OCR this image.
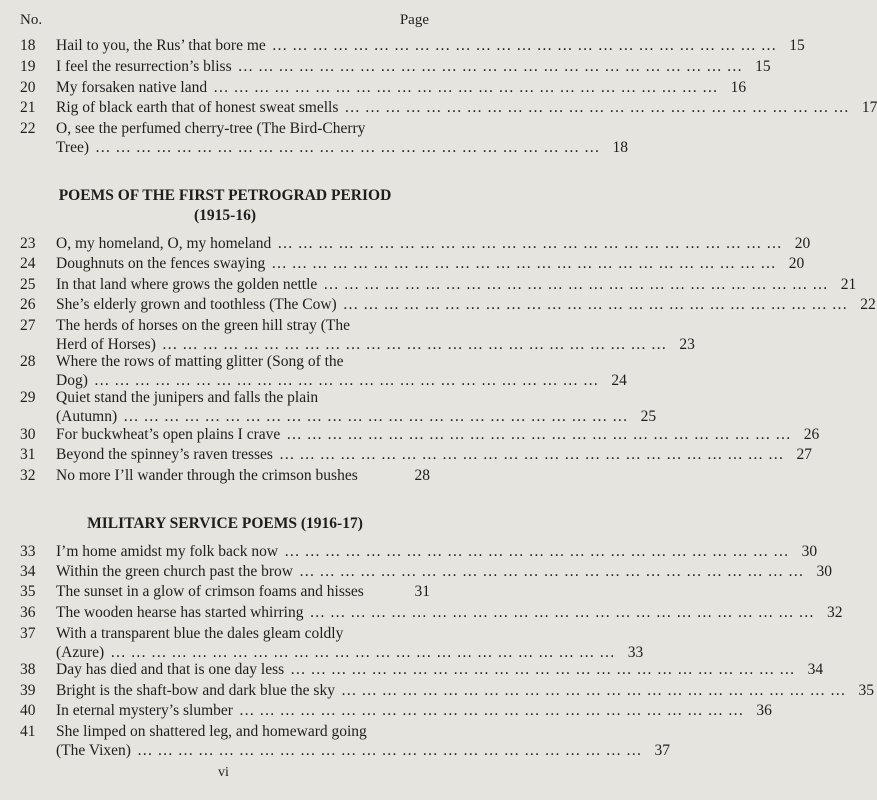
No.	Page
18	Hail to you, the Rus’ that bore me … … … … … … … … … … … … … … … … … … … … … … … … …	15
19	I feel the resurrection’s bliss … … … … … … … … … … … … … … … … … … … … … … … … …	15
20	My forsaken native land … … … … … … … … … … … … … … … … … … … … … … … … …	16
21	Rig of black earth that of honest sweat smells … … … … … … … … … … … … … … … … … … … … … … … … …	17
22	O, see the perfumed cherry-tree (The Bird-Cherry
Tree) … … … … … … … … … … … … … … … … … … … … … … … … …	18
POEMS OF THE FIRST PETROGRAD PERIOD
(1915-16)
23	O, my homeland, O, my homeland … … … … … … … … … … … … … … … … … … … … … … … … …	20
24	Doughnuts on the fences swaying … … … … … … … … … … … … … … … … … … … … … … … … …	20
25	In that land where grows the golden nettle … … … … … … … … … … … … … … … … … … … … … … … … …	21
26	She’s elderly grown and toothless (The Cow) … … … … … … … … … … … … … … … … … … … … … … … … …	22
27	The herds of horses on the green hill stray (The
Herd of Horses) … … … … … … … … … … … … … … … … … … … … … … … … …	23
28	Where the rows of matting glitter (Song of the
Dog) … … … … … … … … … … … … … … … … … … … … … … … … …	24
29	Quiet stand the junipers and falls the plain
(Autumn) … … … … … … … … … … … … … … … … … … … … … … … … …	25
30	For buckwheat’s open plains I crave … … … … … … … … … … … … … … … … … … … … … … … … …	26
31	Beyond the spinney’s raven tresses … … … … … … … … … … … … … … … … … … … … … … … … …	27
32	No more I’ll wander through the crimson bushes	28
MILITARY SERVICE POEMS (1916-17)
33	I’m home amidst my folk back now … … … … … … … … … … … … … … … … … … … … … … … … …	30
34	Within the green church past the brow … … … … … … … … … … … … … … … … … … … … … … … … …	30
35	The sunset in a glow of crimson foams and hisses	31
36	The wooden hearse has started whirring … … … … … … … … … … … … … … … … … … … … … … … … …	32
37	With a transparent blue the dales gleam coldly
(Azure) … … … … … … … … … … … … … … … … … … … … … … … … …	33
38	Day has died and that is one day less … … … … … … … … … … … … … … … … … … … … … … … … …	34
39	Bright is the shaft-bow and dark blue the sky … … … … … … … … … … … … … … … … … … … … … … … … …	35
40	In eternal mystery’s slumber … … … … … … … … … … … … … … … … … … … … … … … … …	36
41	She limped on shattered leg, and homeward going
(The Vixen) … … … … … … … … … … … … … … … … … … … … … … … … …	37
vi
